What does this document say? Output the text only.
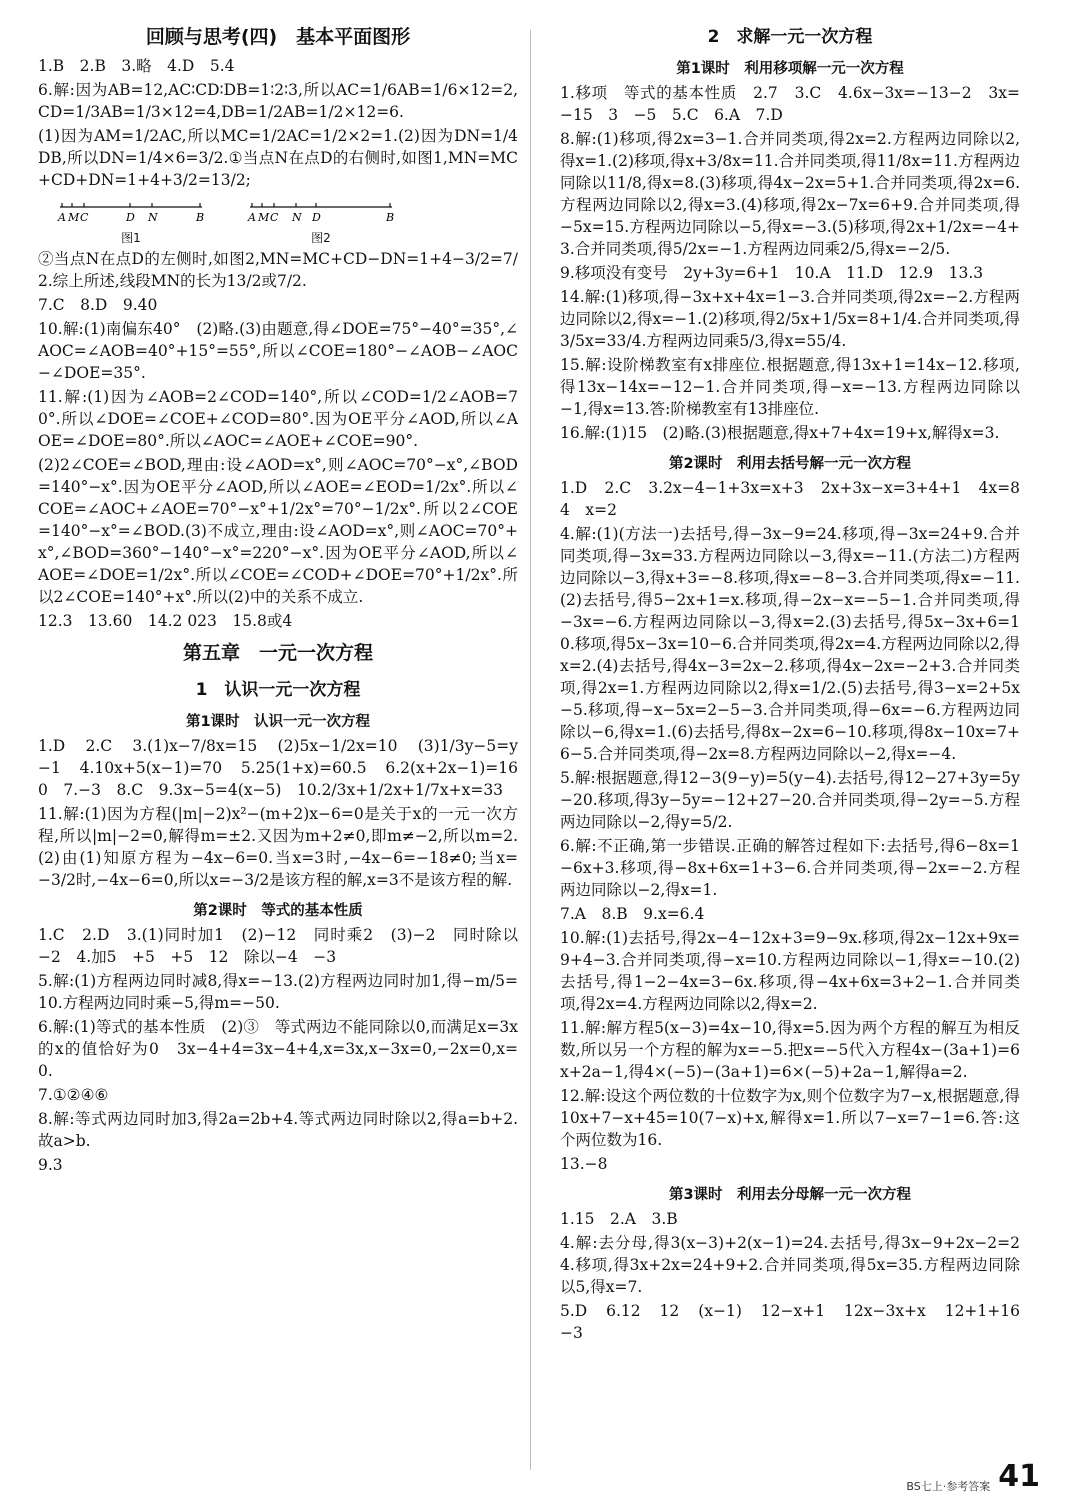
回顾与思考(四)　基本平面图形

1.B　2.B　3.略　4.D　5.4

6.解:因为AB=12,AC∶CD∶DB=1∶2∶3,所以AC=1/6AB=1/6×12=2,CD=1/3AB=1/3×12=4,DB=1/2AB=1/2×12=6.

(1)因为AM=1/2AC,所以MC=1/2AC=1/2×2=1.(2)因为DN=1/4DB,所以DN=1/4×6=3/2.①当点N在点D的右侧时,如图1,MN=MC+CD+DN=1+4+3/2=13/2;

A M C	D N	B
图1
A M C N D	B
图2

②当点N在点D的左侧时,如图2,MN=MC+CD−DN=1+4−3/2=7/2.综上所述,线段MN的长为13/2或7/2.

7.C　8.D　9.40

10.解:(1)南偏东40°　(2)略.(3)由题意,得∠DOE=75°−40°=35°,∠AOC=∠AOB=40°+15°=55°,所以∠COE=180°−∠AOB−∠AOC−∠DOE=35°.

11.解:(1)因为∠AOB=2∠COD=140°,所以∠COD=1/2∠AOB=70°.所以∠DOE=∠COE+∠COD=80°.因为OE平分∠AOD,所以∠AOE=∠DOE=80°.所以∠AOC=∠AOE+∠COE=90°.

(2)2∠COE=∠BOD,理由:设∠AOD=x°,则∠AOC=70°−x°,∠BOD=140°−x°.因为OE平分∠AOD,所以∠AOE=∠EOD=1/2x°.所以∠COE=∠AOC+∠AOE=70°−x°+1/2x°=70°−1/2x°.所以2∠COE=140°−x°=∠BOD.(3)不成立,理由:设∠AOD=x°,则∠AOC=70°+x°,∠BOD=360°−140°−x°=220°−x°.因为OE平分∠AOD,所以∠AOE=∠DOE=1/2x°.所以∠COE=∠COD+∠DOE=70°+1/2x°.所以2∠COE=140°+x°.所以(2)中的关系不成立.

12.3　13.60　14.2 023　15.8或4

第五章　一元一次方程
1　认识一元一次方程
第1课时　认识一元一次方程

1.D　2.C　3.(1)x−7/8x=15　(2)5x−1/2x=10　(3)1/3y−5=y−1　4.10x+5(x−1)=70　5.25(1+x)=60.5　6.2(x+2x−1)=160　7.−3　8.C　9.3x−5=4(x−5)　10.2/3x+1/2x+1/7x+x=33

11.解:(1)因为方程(|m|−2)x²−(m+2)x−6=0是关于x的一元一次方程,所以|m|−2=0,解得m=±2.又因为m+2≠0,即m≠−2,所以m=2.(2)由(1)知原方程为−4x−6=0.当x=3时,−4x−6=−18≠0;当x=−3/2时,−4x−6=0,所以x=−3/2是该方程的解,x=3不是该方程的解.

第2课时　等式的基本性质

1.C　2.D　3.(1)同时加1　(2)−12　同时乘2　(3)−2　同时除以−2　4.加5　+5　+5　12　除以−4　−3

5.解:(1)方程两边同时减8,得x=−13.(2)方程两边同时加1,得−m/5=10.方程两边同时乘−5,得m=−50.

6.解:(1)等式的基本性质　(2)③　等式两边不能同除以0,而满足x=3x的x的值恰好为0　3x−4+4=3x−4+4,x=3x,x−3x=0,−2x=0,x=0.

7.①②④⑥

8.解:等式两边同时加3,得2a=2b+4.等式两边同时除以2,得a=b+2.故a>b.

9.3

2　求解一元一次方程
第1课时　利用移项解一元一次方程

1.移项　等式的基本性质　2.7　3.C　4.6x−3x=−13−2　3x=−15　3　−5　5.C　6.A　7.D

8.解:(1)移项,得2x=3−1.合并同类项,得2x=2.方程两边同除以2,得x=1.(2)移项,得x+3/8x=11.合并同类项,得11/8x=11.方程两边同除以11/8,得x=8.(3)移项,得4x−2x=5+1.合并同类项,得2x=6.方程两边同除以2,得x=3.(4)移项,得2x−7x=6+9.合并同类项,得−5x=15.方程两边同除以−5,得x=−3.(5)移项,得2x+1/2x=−4+3.合并同类项,得5/2x=−1.方程两边同乘2/5,得x=−2/5.

9.移项没有变号　2y+3y=6+1　10.A　11.D　12.9　13.3

14.解:(1)移项,得−3x+x+4x=1−3.合并同类项,得2x=−2.方程两边同除以2,得x=−1.(2)移项,得2/5x+1/5x=8+1/4.合并同类项,得3/5x=33/4.方程两边同乘5/3,得x=55/4.

15.解:设阶梯教室有x排座位.根据题意,得13x+1=14x−12.移项,得13x−14x=−12−1.合并同类项,得−x=−13.方程两边同除以−1,得x=13.答:阶梯教室有13排座位.

16.解:(1)15　(2)略.(3)根据题意,得x+7+4x=19+x,解得x=3.

第2课时　利用去括号解一元一次方程

1.D　2.C　3.2x−4−1+3x=x+3　2x+3x−x=3+4+1　4x=8　4　x=2

4.解:(1)(方法一)去括号,得−3x−9=24.移项,得−3x=24+9.合并同类项,得−3x=33.方程两边同除以−3,得x=−11.(方法二)方程两边同除以−3,得x+3=−8.移项,得x=−8−3.合并同类项,得x=−11.(2)去括号,得5−2x+1=x.移项,得−2x−x=−5−1.合并同类项,得−3x=−6.方程两边同除以−3,得x=2.(3)去括号,得5x−3x+6=10.移项,得5x−3x=10−6.合并同类项,得2x=4.方程两边同除以2,得x=2.(4)去括号,得4x−3=2x−2.移项,得4x−2x=−2+3.合并同类项,得2x=1.方程两边同除以2,得x=1/2.(5)去括号,得3−x=2+5x−5.移项,得−x−5x=2−5−3.合并同类项,得−6x=−6.方程两边同除以−6,得x=1.(6)去括号,得8x−2x=6−10.移项,得8x−10x=7+6−5.合并同类项,得−2x=8.方程两边同除以−2,得x=−4.

5.解:根据题意,得12−3(9−y)=5(y−4).去括号,得12−27+3y=5y−20.移项,得3y−5y=−12+27−20.合并同类项,得−2y=−5.方程两边同除以−2,得y=5/2.

6.解:不正确,第一步错误.正确的解答过程如下:去括号,得6−8x=1−6x+3.移项,得−8x+6x=1+3−6.合并同类项,得−2x=−2.方程两边同除以−2,得x=1.

7.A　8.B　9.x=6.4

10.解:(1)去括号,得2x−4−12x+3=9−9x.移项,得2x−12x+9x=9+4−3.合并同类项,得−x=10.方程两边同除以−1,得x=−10.(2)去括号,得1−2−4x=3−6x.移项,得−4x+6x=3+2−1.合并同类项,得2x=4.方程两边同除以2,得x=2.

11.解:解方程5(x−3)=4x−10,得x=5.因为两个方程的解互为相反数,所以另一个方程的解为x=−5.把x=−5代入方程4x−(3a+1)=6x+2a−1,得4×(−5)−(3a+1)=6×(−5)+2a−1,解得a=2.

12.解:设这个两位数的十位数字为x,则个位数字为7−x,根据题意,得10x+7−x+45=10(7−x)+x,解得x=1.所以7−x=7−1=6.答:这个两位数为16.

13.−8

第3课时　利用去分母解一元一次方程

1.15　2.A　3.B

4.解:去分母,得3(x−3)+2(x−1)=24.去括号,得3x−9+2x−2=24.移项,得3x+2x=24+9+2.合并同类项,得5x=35.方程两边同除以5,得x=7.

5.D　6.12　12　(x−1)　12−x+1　12x−3x+x　12+1+16−3

BS七上·参考答案 41
